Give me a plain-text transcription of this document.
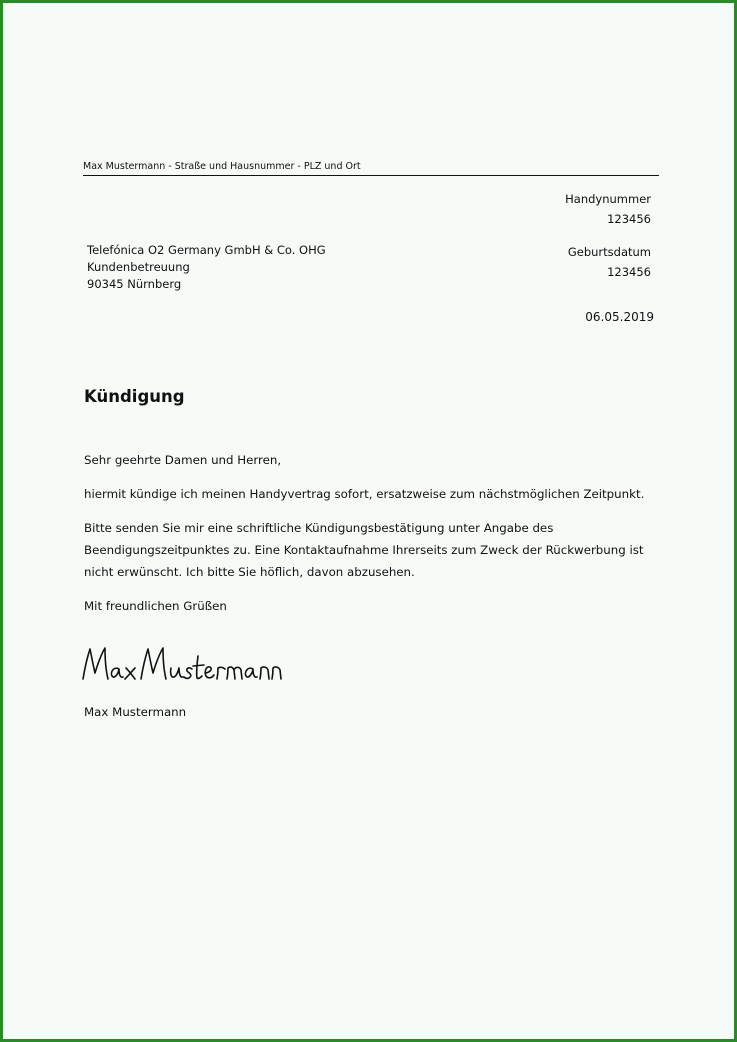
Max Mustermann - Straße und Hausnummer - PLZ und Ort
Handynummer
123456
Geburtsdatum
123456
Telefónica O2 Germany GmbH & Co. OHG
Kundenbetreuung
90345 Nürnberg
06.05.2019
Kündigung

Sehr geehrte Damen und Herren,

hiermit kündige ich meinen Handyvertrag sofort, ersatzweise zum nächstmöglichen Zeitpunkt.

Bitte senden Sie mir eine schriftliche Kündigungsbestätigung unter Angabe des Beendigungszeitpunktes zu. Eine Kontaktaufnahme Ihrerseits zum Zweck der Rückwerbung ist nicht erwünscht. Ich bitte Sie höflich, davon abzusehen.

Mit freundlichen Grüßen

Max Mustermann
